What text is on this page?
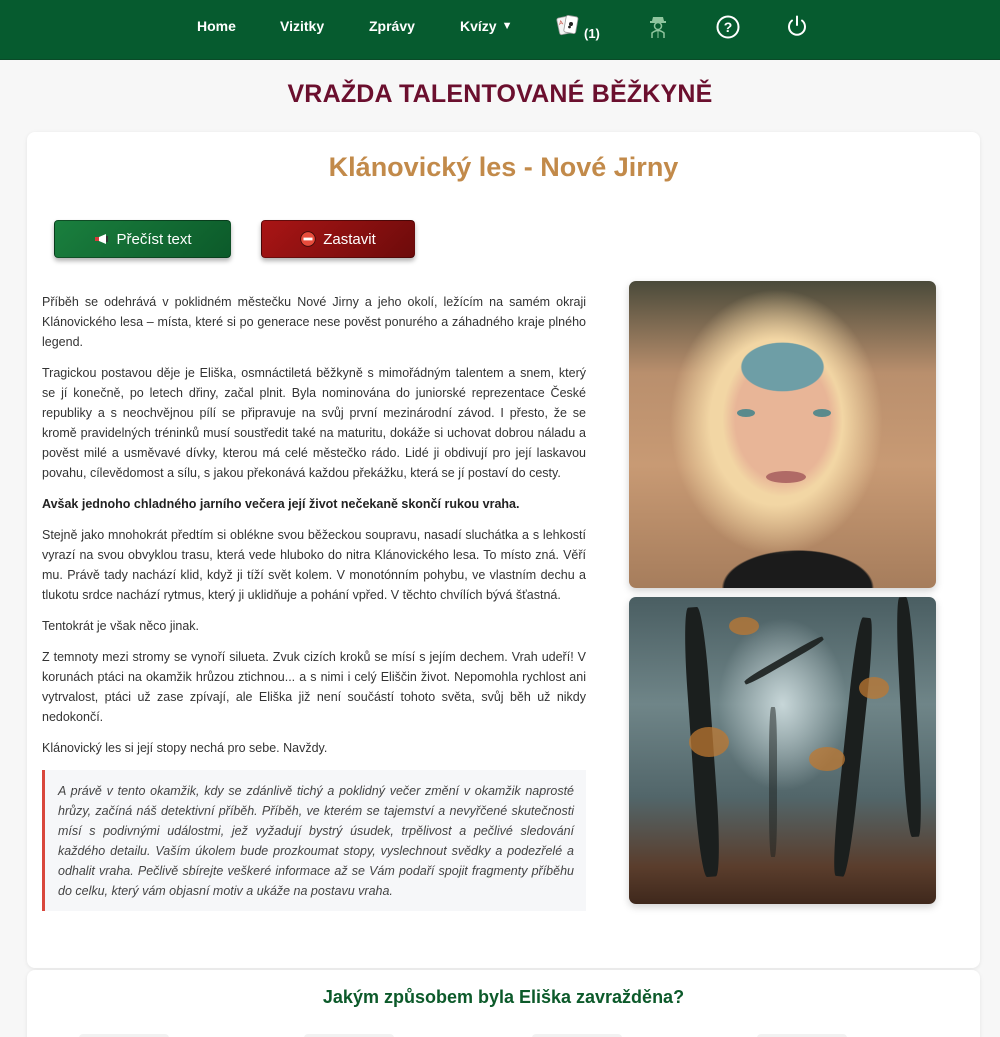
Home	Vizitky	Zprávy	Kvízy ▼	A
(1)	?
VRAŽDA TALENTOVANÉ BĚŽKYNĚ
Klánovický les - Nové Jirny
Přečíst text	Zastavit

Příběh se odehrává v poklidném městečku Nové Jirny a jeho okolí, ležícím na samém okraji Klánovického lesa – místa, které si po generace nese pověst ponurého a záhadného kraje plného legend.

Tragickou postavou děje je Eliška, osmnáctiletá běžkyně s mimořádným talentem a snem, který se jí konečně, po letech dřiny, začal plnit. Byla nominována do juniorské reprezentace České republiky a s neochvějnou pílí se připravuje na svůj první mezinárodní závod. I přesto, že se kromě pravidelných tréninků musí soustředit také na maturitu, dokáže si uchovat dobrou náladu a pověst milé a usměvavé dívky, kterou má celé městečko rádo. Lidé ji obdivují pro její laskavou povahu, cílevědomost a sílu, s jakou překonává každou překážku, která se jí postaví do cesty.

Avšak jednoho chladného jarního večera její život nečekaně skončí rukou vraha.

Stejně jako mnohokrát předtím si oblékne svou běžeckou soupravu, nasadí sluchátka a s lehkostí vyrazí na svou obvyklou trasu, která vede hluboko do nitra Klánovického lesa. To místo zná. Věří mu. Právě tady nachází klid, když ji tíží svět kolem. V monotónním pohybu, ve vlastním dechu a tlukotu srdce nachází rytmus, který ji uklidňuje a pohání vpřed. V těchto chvílích bývá šťastná.

Tentokrát je však něco jinak.

Z temnoty mezi stromy se vynoří silueta. Zvuk cizích kroků se mísí s jejím dechem. Vrah udeří! V korunách ptáci na okamžik hrůzou ztichnou... a s nimi i celý Eliščin život. Nepomohla rychlost ani vytrvalost, ptáci už zase zpívají, ale Eliška již není součástí tohoto světa, svůj běh už nikdy nedokončí.

Klánovický les si její stopy nechá pro sebe. Navždy.

A právě v tento okamžik, kdy se zdánlivě tichý a poklidný večer změní v okamžik naprosté hrůzy, začíná náš detektivní příběh. Příběh, ve kterém se tajemství a nevyřčené skutečnosti mísí s podivnými událostmi, jež vyžadují bystrý úsudek, trpělivost a pečlivé sledování každého detailu. Vaším úkolem bude prozkoumat stopy, vyslechnout svědky a podezřelé a odhalit vraha. Pečlivě sbírejte veškeré informace až se Vám podaří spojit fragmenty příběhu do celku, který vám objasní motiv a ukáže na postavu vraha.
Jakým způsobem byla Eliška zavražděna?
